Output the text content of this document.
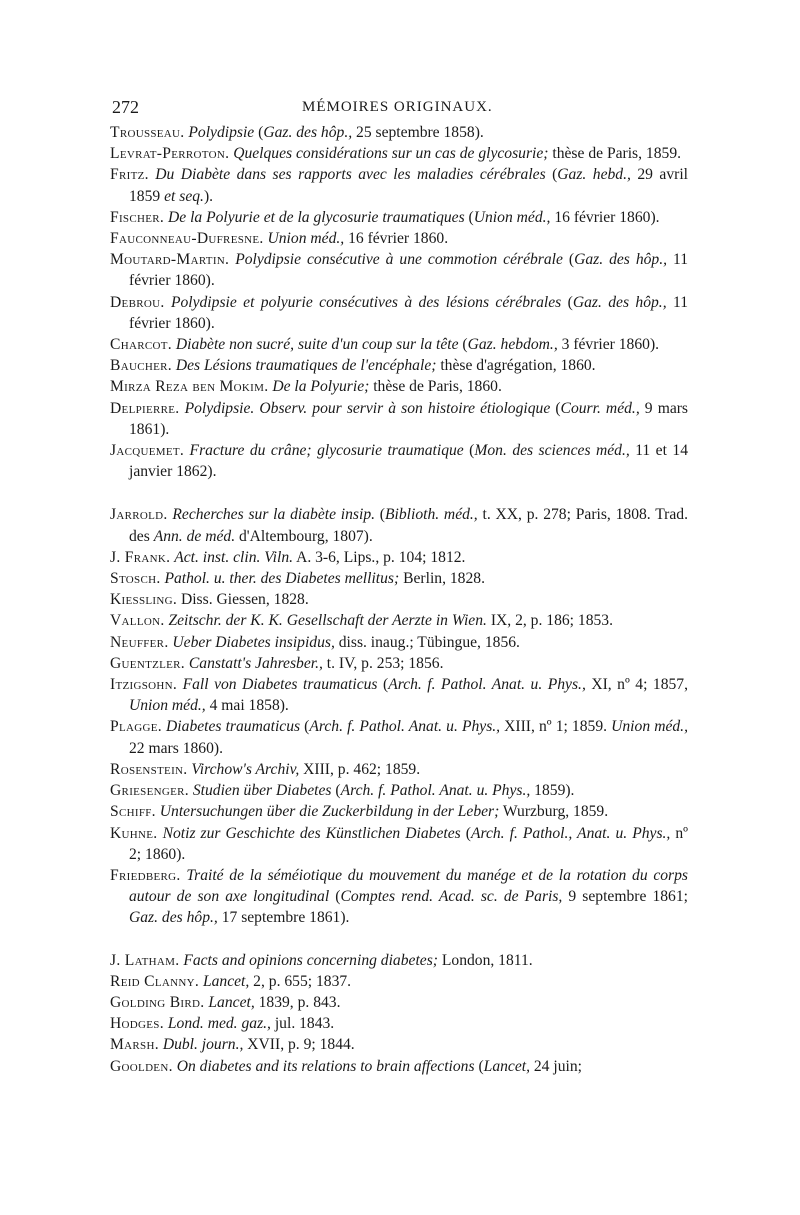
272	MÉMOIRES ORIGINAUX.
Trousseau. Polydipsie (Gaz. des hôp., 25 septembre 1858).
Levrat-Perroton. Quelques considérations sur un cas de glycosurie; thèse de Paris, 1859.
Fritz. Du Diabète dans ses rapports avec les maladies cérébrales (Gaz. hebd., 29 avril 1859 et seq.).
Fischer. De la Polyurie et de la glycosurie traumatiques (Union méd., 16 février 1860).
Fauconneau-Dufresne. Union méd., 16 février 1860.
Moutard-Martin. Polydipsie consécutive à une commotion cérébrale (Gaz. des hôp., 11 février 1860).
Debrou. Polydipsie et polyurie consécutives à des lésions cérébrales (Gaz. des hôp., 11 février 1860).
Charcot. Diabète non sucré, suite d'un coup sur la tête (Gaz. hebdom., 3 février 1860).
Baucher. Des Lésions traumatiques de l'encéphale; thèse d'agrégation, 1860.
Mirza Reza ben Mokim. De la Polyurie; thèse de Paris, 1860.
Delpierre. Polydipsie. Observ. pour servir à son histoire étiologique (Courr. méd., 9 mars 1861).
Jacquemet. Fracture du crâne; glycosurie traumatique (Mon. des sciences méd., 11 et 14 janvier 1862).
Jarrold. Recherches sur la diabète insip. (Biblioth. méd., t. XX, p. 278; Paris, 1808. Trad. des Ann. de méd. d'Altembourg, 1807).
J. Frank. Act. inst. clin. Viln. A. 3-6, Lips., p. 104; 1812.
Stosch. Pathol. u. ther. des Diabetes mellitus; Berlin, 1828.
Kiessling. Diss. Giessen, 1828.
Vallon. Zeitschr. der K. K. Gesellschaft der Aerzte in Wien. IX, 2, p. 186; 1853.
Neuffer. Ueber Diabetes insipidus, diss. inaug.; Tübingue, 1856.
Guentzler. Canstatt's Jahresber., t. IV, p. 253; 1856.
Itzigsohn. Fall von Diabetes traumaticus (Arch. f. Pathol. Anat. u. Phys., XI, nº 4; 1857, Union méd., 4 mai 1858).
Plagge. Diabetes traumaticus (Arch. f. Pathol. Anat. u. Phys., XIII, nº 1; 1859. Union méd., 22 mars 1860).
Rosenstein. Virchow's Archiv, XIII, p. 462; 1859.
Griesenger. Studien über Diabetes (Arch. f. Pathol. Anat. u. Phys., 1859).
Schiff. Untersuchungen über die Zuckerbildung in der Leber; Wurzburg, 1859.
Kuhne. Notiz zur Geschichte des Künstlichen Diabetes (Arch. f. Pathol., Anat. u. Phys., nº 2; 1860).
Friedberg. Traité de la séméiotique du mouvement du manége et de la rotation du corps autour de son axe longitudinal (Comptes rend. Acad. sc. de Paris, 9 septembre 1861; Gaz. des hôp., 17 septembre 1861).
J. Latham. Facts and opinions concerning diabetes; London, 1811.
Reid Clanny. Lancet, 2, p. 655; 1837.
Golding Bird. Lancet, 1839, p. 843.
Hodges. Lond. med. gaz., jul. 1843.
Marsh. Dubl. journ., XVII, p. 9; 1844.
Goolden. On diabetes and its relations to brain affections (Lancet, 24 juin;
